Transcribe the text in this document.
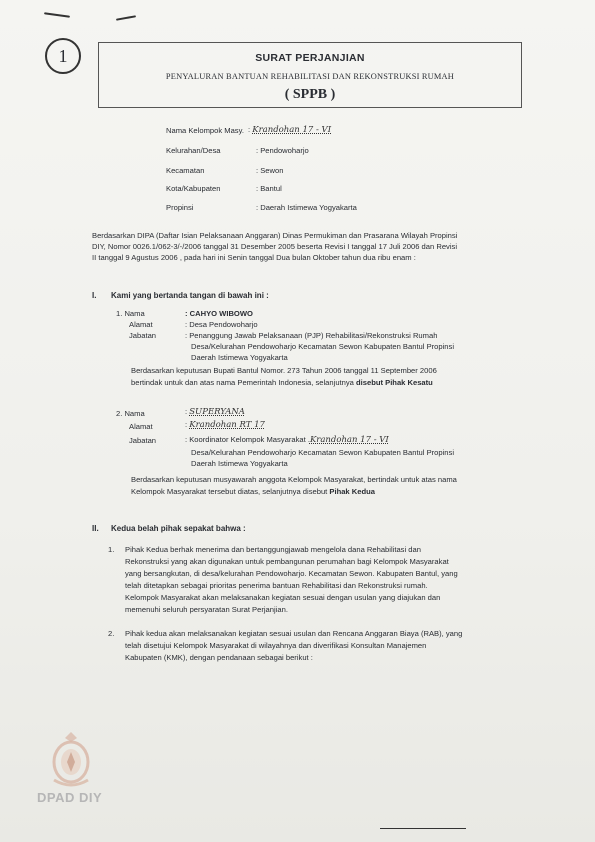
1	SURAT PERJANJIAN
PENYALURAN BANTUAN REHABILITASI DAN REKONSTRUKSI RUMAH
( SPPB )
Nama Kelompok Masy. : Krandohan 17 - VI
Kelurahan/Desa	: Pendowoharjo
Kecamatan	: Sewon
Kota/Kabupaten	: Bantul
Propinsi	: Daerah Istimewa Yogyakarta
Berdasarkan DIPA (Daftar Isian Pelaksanaan Anggaran) Dinas Permukiman dan Prasarana Wilayah Propinsi
DIY, Nomor 0026.1/062-3/-/2006 tanggal 31 Desember 2005 beserta Revisi I tanggal 17 Juli 2006 dan Revisi
II tanggal 9 Agustus 2006 , pada hari ini Senin tanggal Dua bulan Oktober tahun dua ribu enam :
I. Kami yang bertanda tangan di bawah ini :
1. Nama	: CAHYO WIBOWO
Alamat	: Desa Pendowoharjo
Jabatan	: Penanggung Jawab Pelaksanaan (PJP) Rehabilitasi/Rekonstruksi Rumah
Desa/Kelurahan Pendowoharjo Kecamatan Sewon Kabupaten Bantul Propinsi
Daerah Istimewa Yogyakarta
Berdasarkan keputusan Bupati Bantul Nomor. 273 Tahun 2006 tanggal 11 September 2006
bertindak untuk dan atas nama Pemerintah Indonesia, selanjutnya disebut Pihak Kesatu
2. Nama	: SUPERYANA
Alamat	: Krandohan RT 17
Jabatan	: Koordinator Kelompok Masyarakat .Krandohan 17 - VI
Desa/Kelurahan Pendowoharjo Kecamatan Sewon Kabupaten Bantul Propinsi
Daerah Istimewa Yogyakarta
Berdasarkan keputusan musyawarah anggota Kelompok Masyarakat, bertindak untuk atas nama
Kelompok Masyarakat tersebut diatas, selanjutnya disebut Pihak Kedua
II. Kedua belah pihak sepakat bahwa :
1. Pihak Kedua berhak menerima dan bertanggungjawab mengelola dana Rehabilitasi dan
Rekonstruksi yang akan digunakan untuk pembangunan perumahan bagi Kelompok Masyarakat
yang bersangkutan, di desa/kelurahan Pendowoharjo. Kecamatan Sewon. Kabupaten Bantul, yang
telah ditetapkan sebagai prioritas penerima bantuan Rehabilitasi dan Rekonstruksi rumah.
Kelompok Masyarakat akan melaksanakan kegiatan sesuai dengan usulan yang diajukan dan
memenuhi seluruh persyaratan Surat Perjanjian.
2. Pihak kedua akan melaksanakan kegiatan sesuai usulan dan Rencana Anggaran Biaya (RAB), yang
telah disetujui Kelompok Masyarakat di wilayahnya dan diverifikasi Konsultan Manajemen
Kabupaten (KMK), dengan pendanaan sebagai berikut :
DPAD DIY
